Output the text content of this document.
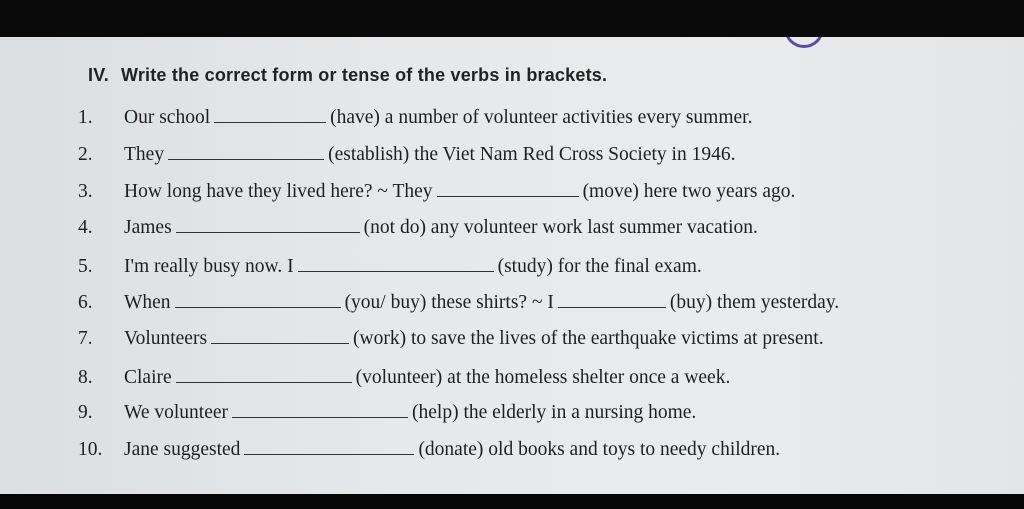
IV. Write the correct form or tense of the verbs in brackets.
1. Our school	(have) a number of volunteer activities every summer.
2. They	(establish) the Viet Nam Red Cross Society in 1946.
3. How long have they lived here? ~ They	(move) here two years ago.
4. James	(not do) any volunteer work last summer vacation.
5. I'm really busy now. I	(study) for the final exam.
6. When	(you/ buy) these shirts? ~ I	(buy) them yesterday.
7. Volunteers	(work) to save the lives of the earthquake victims at present.
8. Claire	(volunteer) at the homeless shelter once a week.
9. We volunteer	(help) the elderly in a nursing home.
10. Jane suggested	(donate) old books and toys to needy children.
